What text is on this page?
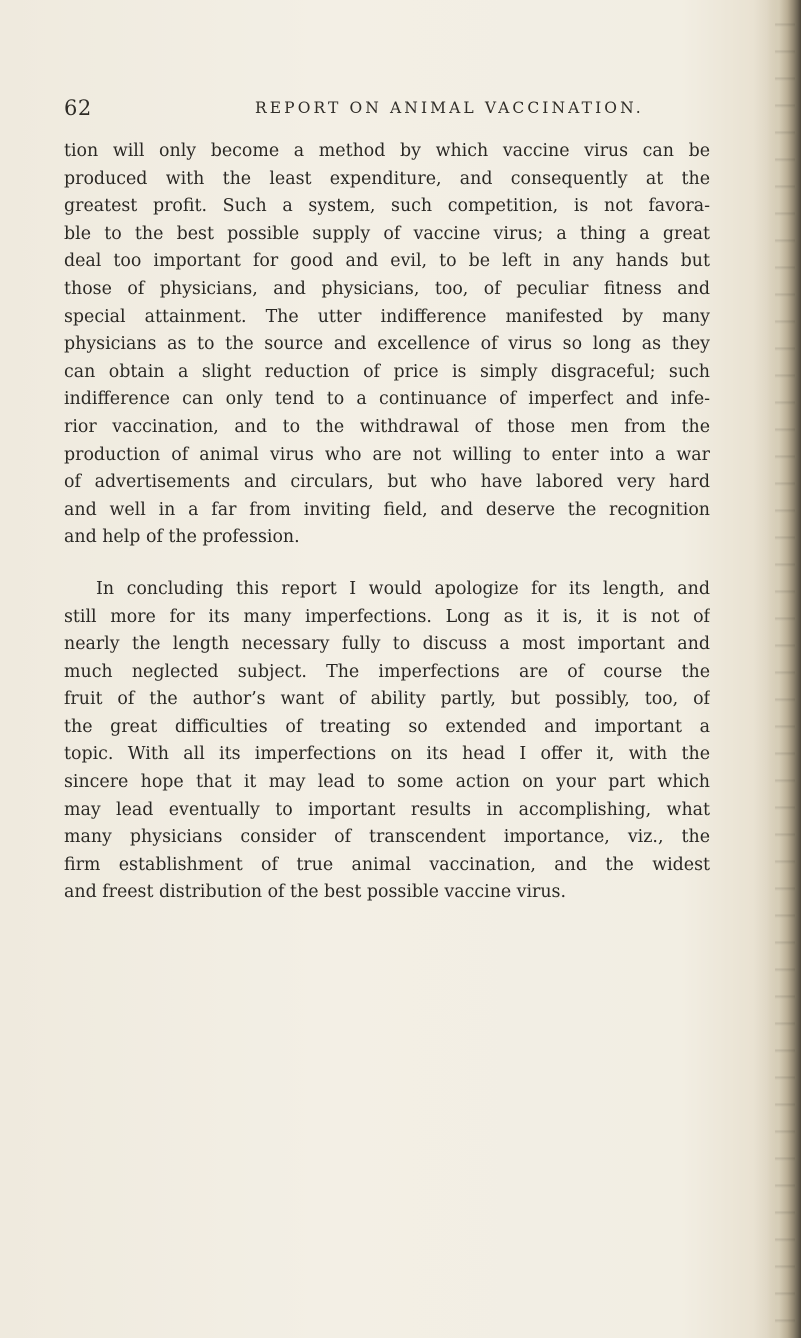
62	REPORT ON ANIMAL VACCINATION.
tion will only become a method by which vaccine virus can be
produced with the least expenditure, and consequently at the
greatest profit. Such a system, such competition, is not favora-
ble to the best possible supply of vaccine virus; a thing a great
deal too important for good and evil, to be left in any hands but
those of physicians, and physicians, too, of peculiar fitness and
special attainment. The utter indifference manifested by many
physicians as to the source and excellence of virus so long as they
can obtain a slight reduction of price is simply disgraceful; such
indifference can only tend to a continuance of imperfect and infe-
rior vaccination, and to the withdrawal of those men from the
production of animal virus who are not willing to enter into a war
of advertisements and circulars, but who have labored very hard
and well in a far from inviting field, and deserve the recognition
and help of the profession.
In concluding this report I would apologize for its length, and
still more for its many imperfections. Long as it is, it is not of
nearly the length necessary fully to discuss a most important and
much neglected subject. The imperfections are of course the
fruit of the author’s want of ability partly, but possibly, too, of
the great difficulties of treating so extended and important a
topic. With all its imperfections on its head I offer it, with the
sincere hope that it may lead to some action on your part which
may lead eventually to important results in accomplishing, what
many physicians consider of transcendent importance, viz., the
firm establishment of true animal vaccination, and the widest
and freest distribution of the best possible vaccine virus.
